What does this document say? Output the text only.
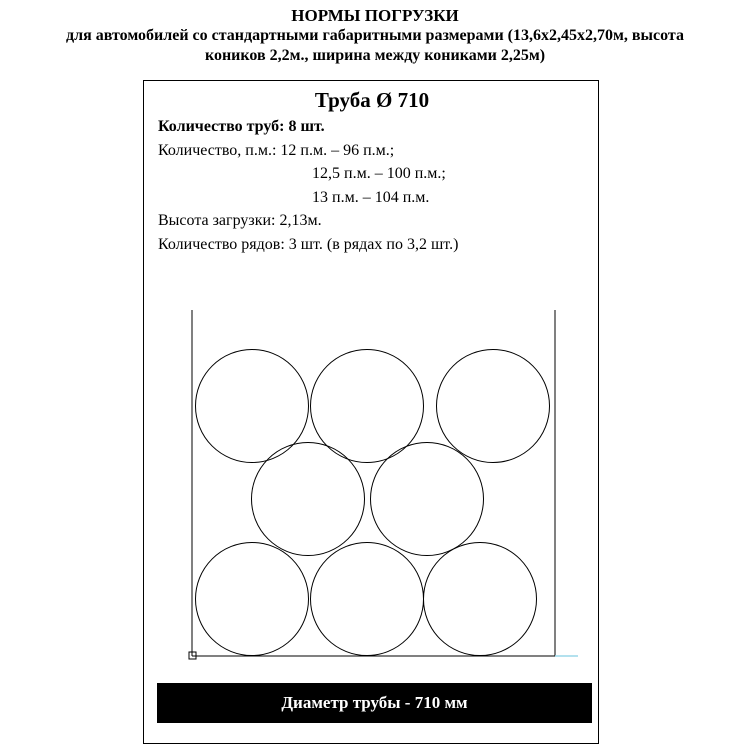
НОРМЫ ПОГРУЗКИ
для автомобилей со стандартными габаритными размерами (13,6х2,45х2,70м, высота
коников 2,2м., ширина между кониками 2,25м)
Труба Ø 710
Количество труб: 8 шт.
Количество, п.м.: 12 п.м. – 96 п.м.;
12,5 п.м. – 100 п.м.;
13 п.м. – 104 п.м.
Высота загрузки: 2,13м.
Количество рядов: 3 шт. (в рядах по 3,2 шт.)
Диаметр трубы - 710 мм
